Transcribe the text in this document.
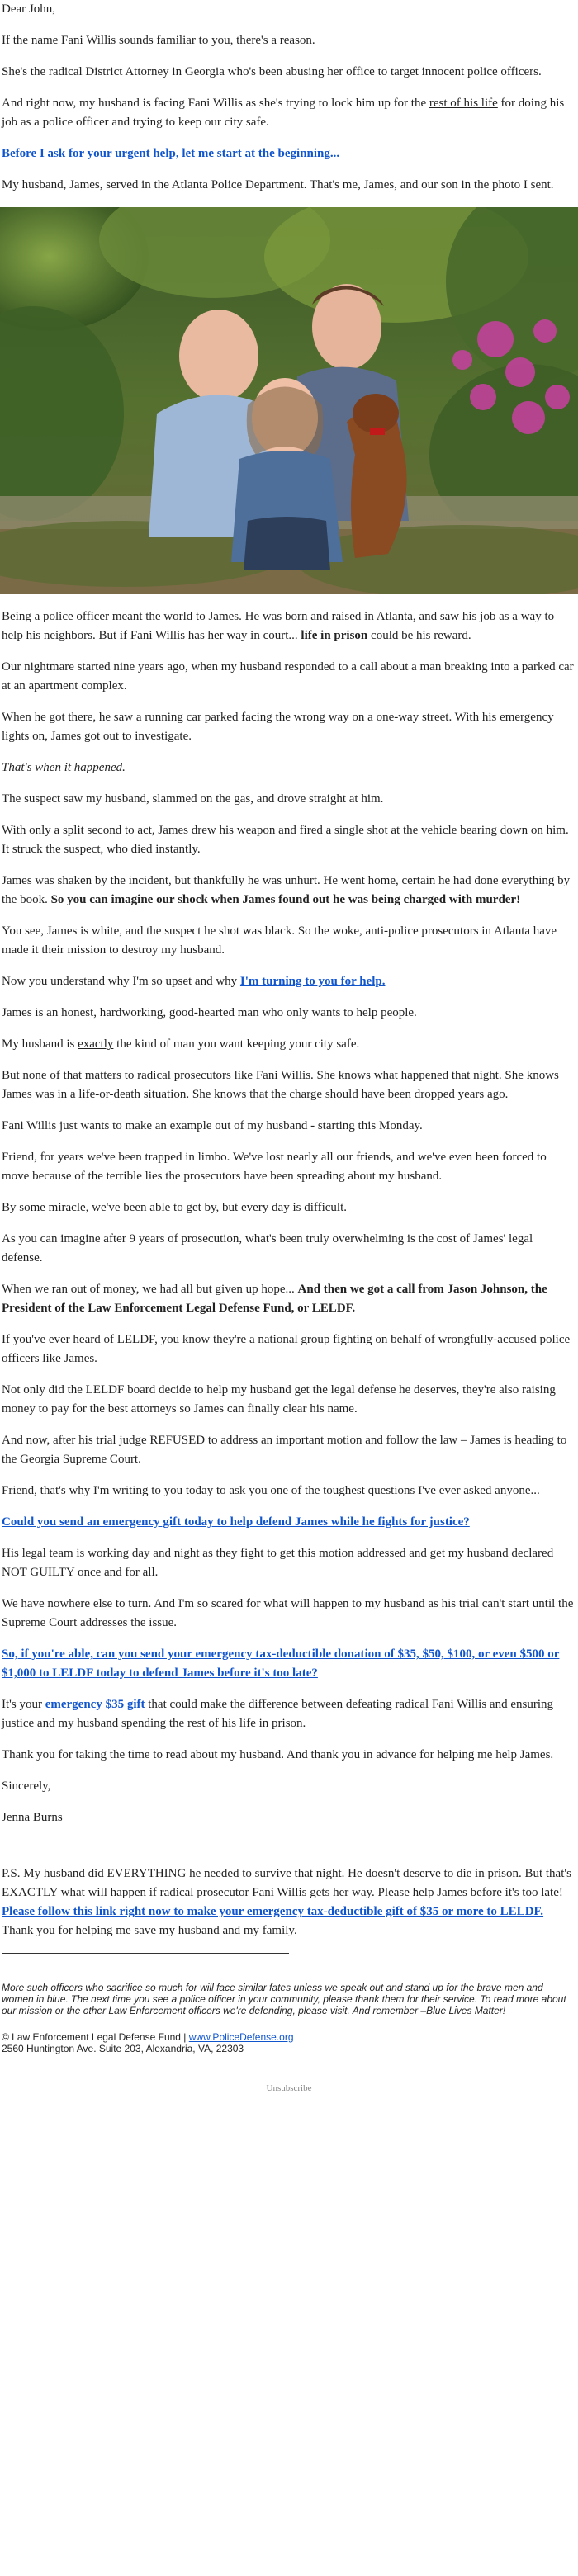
Dear John,

If the name Fani Willis sounds familiar to you, there's a reason.

She's the radical District Attorney in Georgia who's been abusing her office to target innocent police officers.

And right now, my husband is facing Fani Willis as she's trying to lock him up for the rest of his life for doing his job as a police officer and trying to keep our city safe.

Before I ask for your urgent help, let me start at the beginning...

My husband, James, served in the Atlanta Police Department. That's me, James, and our son in the photo I sent.

Being a police officer meant the world to James. He was born and raised in Atlanta, and saw his job as a way to help his neighbors. But if Fani Willis has her way in court... life in prison could be his reward.

Our nightmare started nine years ago, when my husband responded to a call about a man breaking into a parked car at an apartment complex.

When he got there, he saw a running car parked facing the wrong way on a one-way street. With his emergency lights on, James got out to investigate.

That's when it happened.

The suspect saw my husband, slammed on the gas, and drove straight at him.

With only a split second to act, James drew his weapon and fired a single shot at the vehicle bearing down on him. It struck the suspect, who died instantly.

James was shaken by the incident, but thankfully he was unhurt. He went home, certain he had done everything by the book. So you can imagine our shock when James found out he was being charged with murder!

You see, James is white, and the suspect he shot was black. So the woke, anti-police prosecutors in Atlanta have made it their mission to destroy my husband.

Now you understand why I'm so upset and why I'm turning to you for help.

James is an honest, hardworking, good-hearted man who only wants to help people.

My husband is exactly the kind of man you want keeping your city safe.

But none of that matters to radical prosecutors like Fani Willis. She knows what happened that night. She knows James was in a life-or-death situation. She knows that the charge should have been dropped years ago.

Fani Willis just wants to make an example out of my husband - starting this Monday.

Friend, for years we've been trapped in limbo. We've lost nearly all our friends, and we've even been forced to move because of the terrible lies the prosecutors have been spreading about my husband.

By some miracle, we've been able to get by, but every day is difficult.

As you can imagine after 9 years of prosecution, what's been truly overwhelming is the cost of James' legal defense.

When we ran out of money, we had all but given up hope... And then we got a call from Jason Johnson, the President of the Law Enforcement Legal Defense Fund, or LELDF.

If you've ever heard of LELDF, you know they're a national group fighting on behalf of wrongfully-accused police officers like James.

Not only did the LELDF board decide to help my husband get the legal defense he deserves, they're also raising money to pay for the best attorneys so James can finally clear his name.

And now, after his trial judge REFUSED to address an important motion and follow the law – James is heading to the Georgia Supreme Court.

Friend, that's why I'm writing to you today to ask you one of the toughest questions I've ever asked anyone...

Could you send an emergency gift today to help defend James while he fights for justice?

His legal team is working day and night as they fight to get this motion addressed and get my husband declared NOT GUILTY once and for all.

We have nowhere else to turn. And I'm so scared for what will happen to my husband as his trial can't start until the Supreme Court addresses the issue.

So, if you're able, can you send your emergency tax-deductible donation of $35, $50, $100, or even $500 or $1,000 to LELDF today to defend James before it's too late?

It's your emergency $35 gift that could make the difference between defeating radical Fani Willis and ensuring justice and my husband spending the rest of his life in prison.

Thank you for taking the time to read about my husband. And thank you in advance for helping me help James.

Sincerely,

Jenna Burns

P.S. My husband did EVERYTHING he needed to survive that night. He doesn't deserve to die in prison. But that's EXACTLY what will happen if radical prosecutor Fani Willis gets her way. Please help James before it's too late! Please follow this link right now to make your emergency tax-deductible gift of $35 or more to LELDF. Thank you for helping me save my husband and my family.

More such officers who sacrifice so much for will face similar fates unless we speak out and stand up for the brave men and women in blue. The next time you see a police officer in your community, please thank them for their service. To read more about our mission or the other Law Enforcement officers we're defending, please visit. And remember –Blue Lives Matter!

© Law Enforcement Legal Defense Fund | www.PoliceDefense.org

2560 Huntington Ave. Suite 203, Alexandria, VA, 22303

Unsubscribe
